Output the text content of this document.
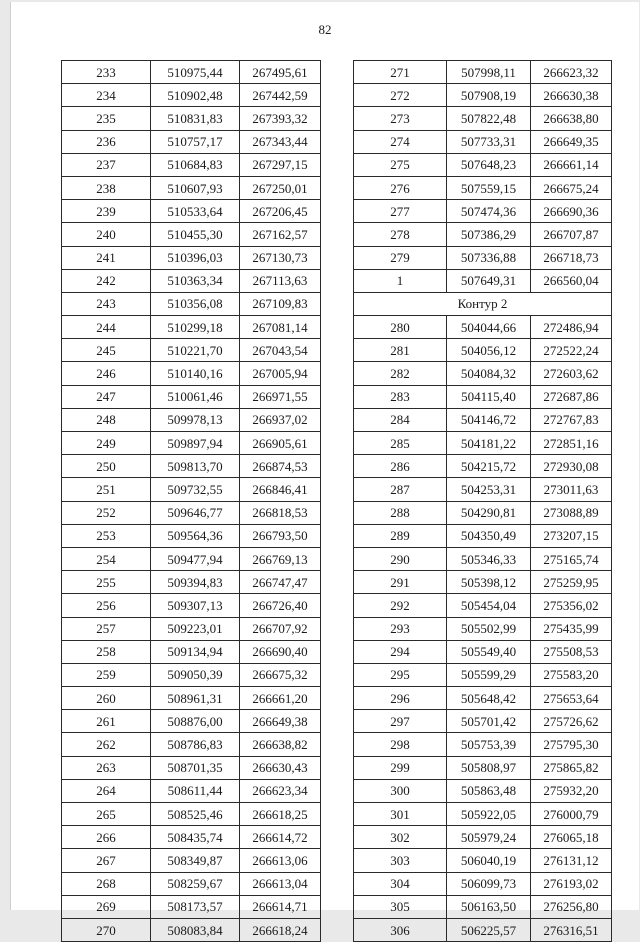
82
233	510975,44	267495,61
234	510902,48	267442,59
235	510831,83	267393,32
236	510757,17	267343,44
237	510684,83	267297,15
238	510607,93	267250,01
239	510533,64	267206,45
240	510455,30	267162,57
241	510396,03	267130,73
242	510363,34	267113,63
243	510356,08	267109,83
244	510299,18	267081,14
245	510221,70	267043,54
246	510140,16	267005,94
247	510061,46	266971,55
248	509978,13	266937,02
249	509897,94	266905,61
250	509813,70	266874,53
251	509732,55	266846,41
252	509646,77	266818,53
253	509564,36	266793,50
254	509477,94	266769,13
255	509394,83	266747,47
256	509307,13	266726,40
257	509223,01	266707,92
258	509134,94	266690,40
259	509050,39	266675,32
260	508961,31	266661,20
261	508876,00	266649,38
262	508786,83	266638,82
263	508701,35	266630,43
264	508611,44	266623,34
265	508525,46	266618,25
266	508435,74	266614,72
267	508349,87	266613,06
268	508259,67	266613,04
269	508173,57	266614,71
270	508083,84	266618,24
271	507998,11	266623,32
272	507908,19	266630,38
273	507822,48	266638,80
274	507733,31	266649,35
275	507648,23	266661,14
276	507559,15	266675,24
277	507474,36	266690,36
278	507386,29	266707,87
279	507336,88	266718,73
1	507649,31	266560,04
Контур 2		
280	504044,66	272486,94
281	504056,12	272522,24
282	504084,32	272603,62
283	504115,40	272687,86
284	504146,72	272767,83
285	504181,22	272851,16
286	504215,72	272930,08
287	504253,31	273011,63
288	504290,81	273088,89
289	504350,49	273207,15
290	505346,33	275165,74
291	505398,12	275259,95
292	505454,04	275356,02
293	505502,99	275435,99
294	505549,40	275508,53
295	505599,29	275583,20
296	505648,42	275653,64
297	505701,42	275726,62
298	505753,39	275795,30
299	505808,97	275865,82
300	505863,48	275932,20
301	505922,05	276000,79
302	505979,24	276065,18
303	506040,19	276131,12
304	506099,73	276193,02
305	506163,50	276256,80
306	506225,57	276316,51
